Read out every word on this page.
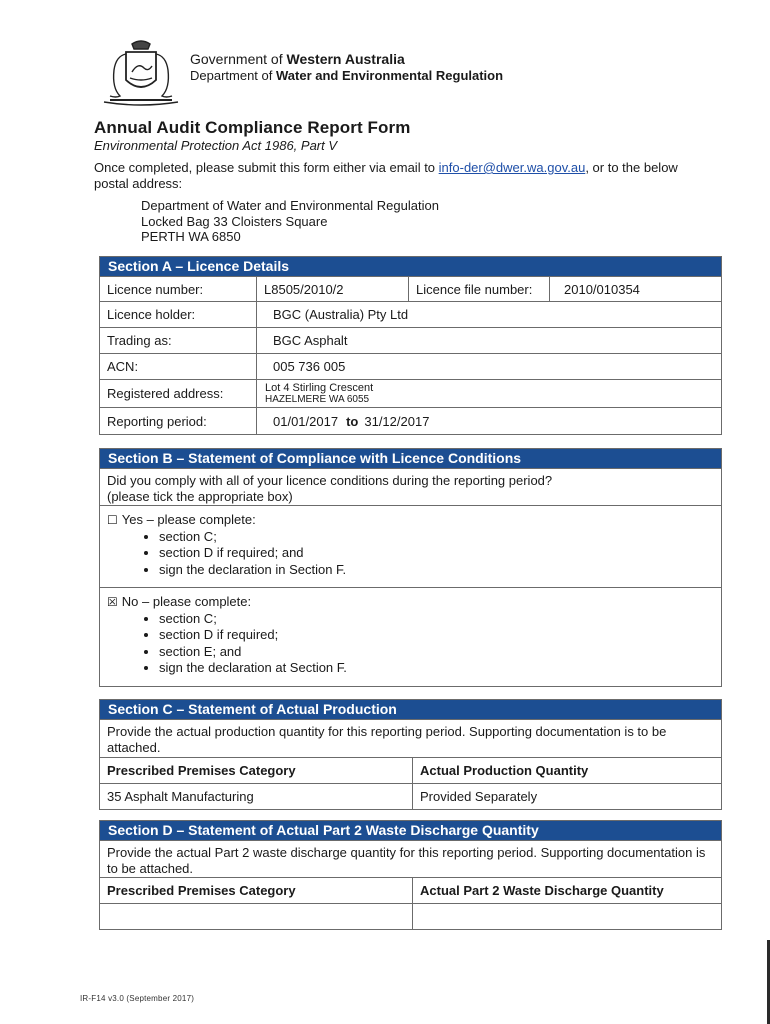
Government of Western Australia
Department of Water and Environmental Regulation
Annual Audit Compliance Report Form
Environmental Protection Act 1986, Part V
Once completed, please submit this form either via email to info-der@dwer.wa.gov.au, or to the below postal address:
Department of Water and Environmental Regulation
Locked Bag 33 Cloisters Square
PERTH WA 6850
Section A – Licence Details
Licence number:	L8505/2010/2	Licence file number:	2010/010354
Licence holder:	BGC (Australia) Pty Ltd
Trading as:	BGC Asphalt
ACN:	005 736 005
Registered address:	Lot 4 Stirling Crescent
HAZELMERE WA 6055
Reporting period:	01/01/2017 to 31/12/2017
Section B – Statement of Compliance with Licence Conditions
Did you comply with all of your licence conditions during the reporting period?
(please tick the appropriate box)
☐ Yes – please complete:
• section C;
• section D if required; and
• sign the declaration in Section F.
☒ No – please complete:
• section C;
• section D if required;
• section E; and
• sign the declaration at Section F.
Section C – Statement of Actual Production
Provide the actual production quantity for this reporting period. Supporting documentation is to be attached.
Prescribed Premises Category	Actual Production Quantity
35 Asphalt Manufacturing	Provided Separately
Section D – Statement of Actual Part 2 Waste Discharge Quantity
Provide the actual Part 2 waste discharge quantity for this reporting period. Supporting documentation is to be attached.
Prescribed Premises Category	Actual Part 2 Waste Discharge Quantity
IR-F14 v3.0 (September 2017)
